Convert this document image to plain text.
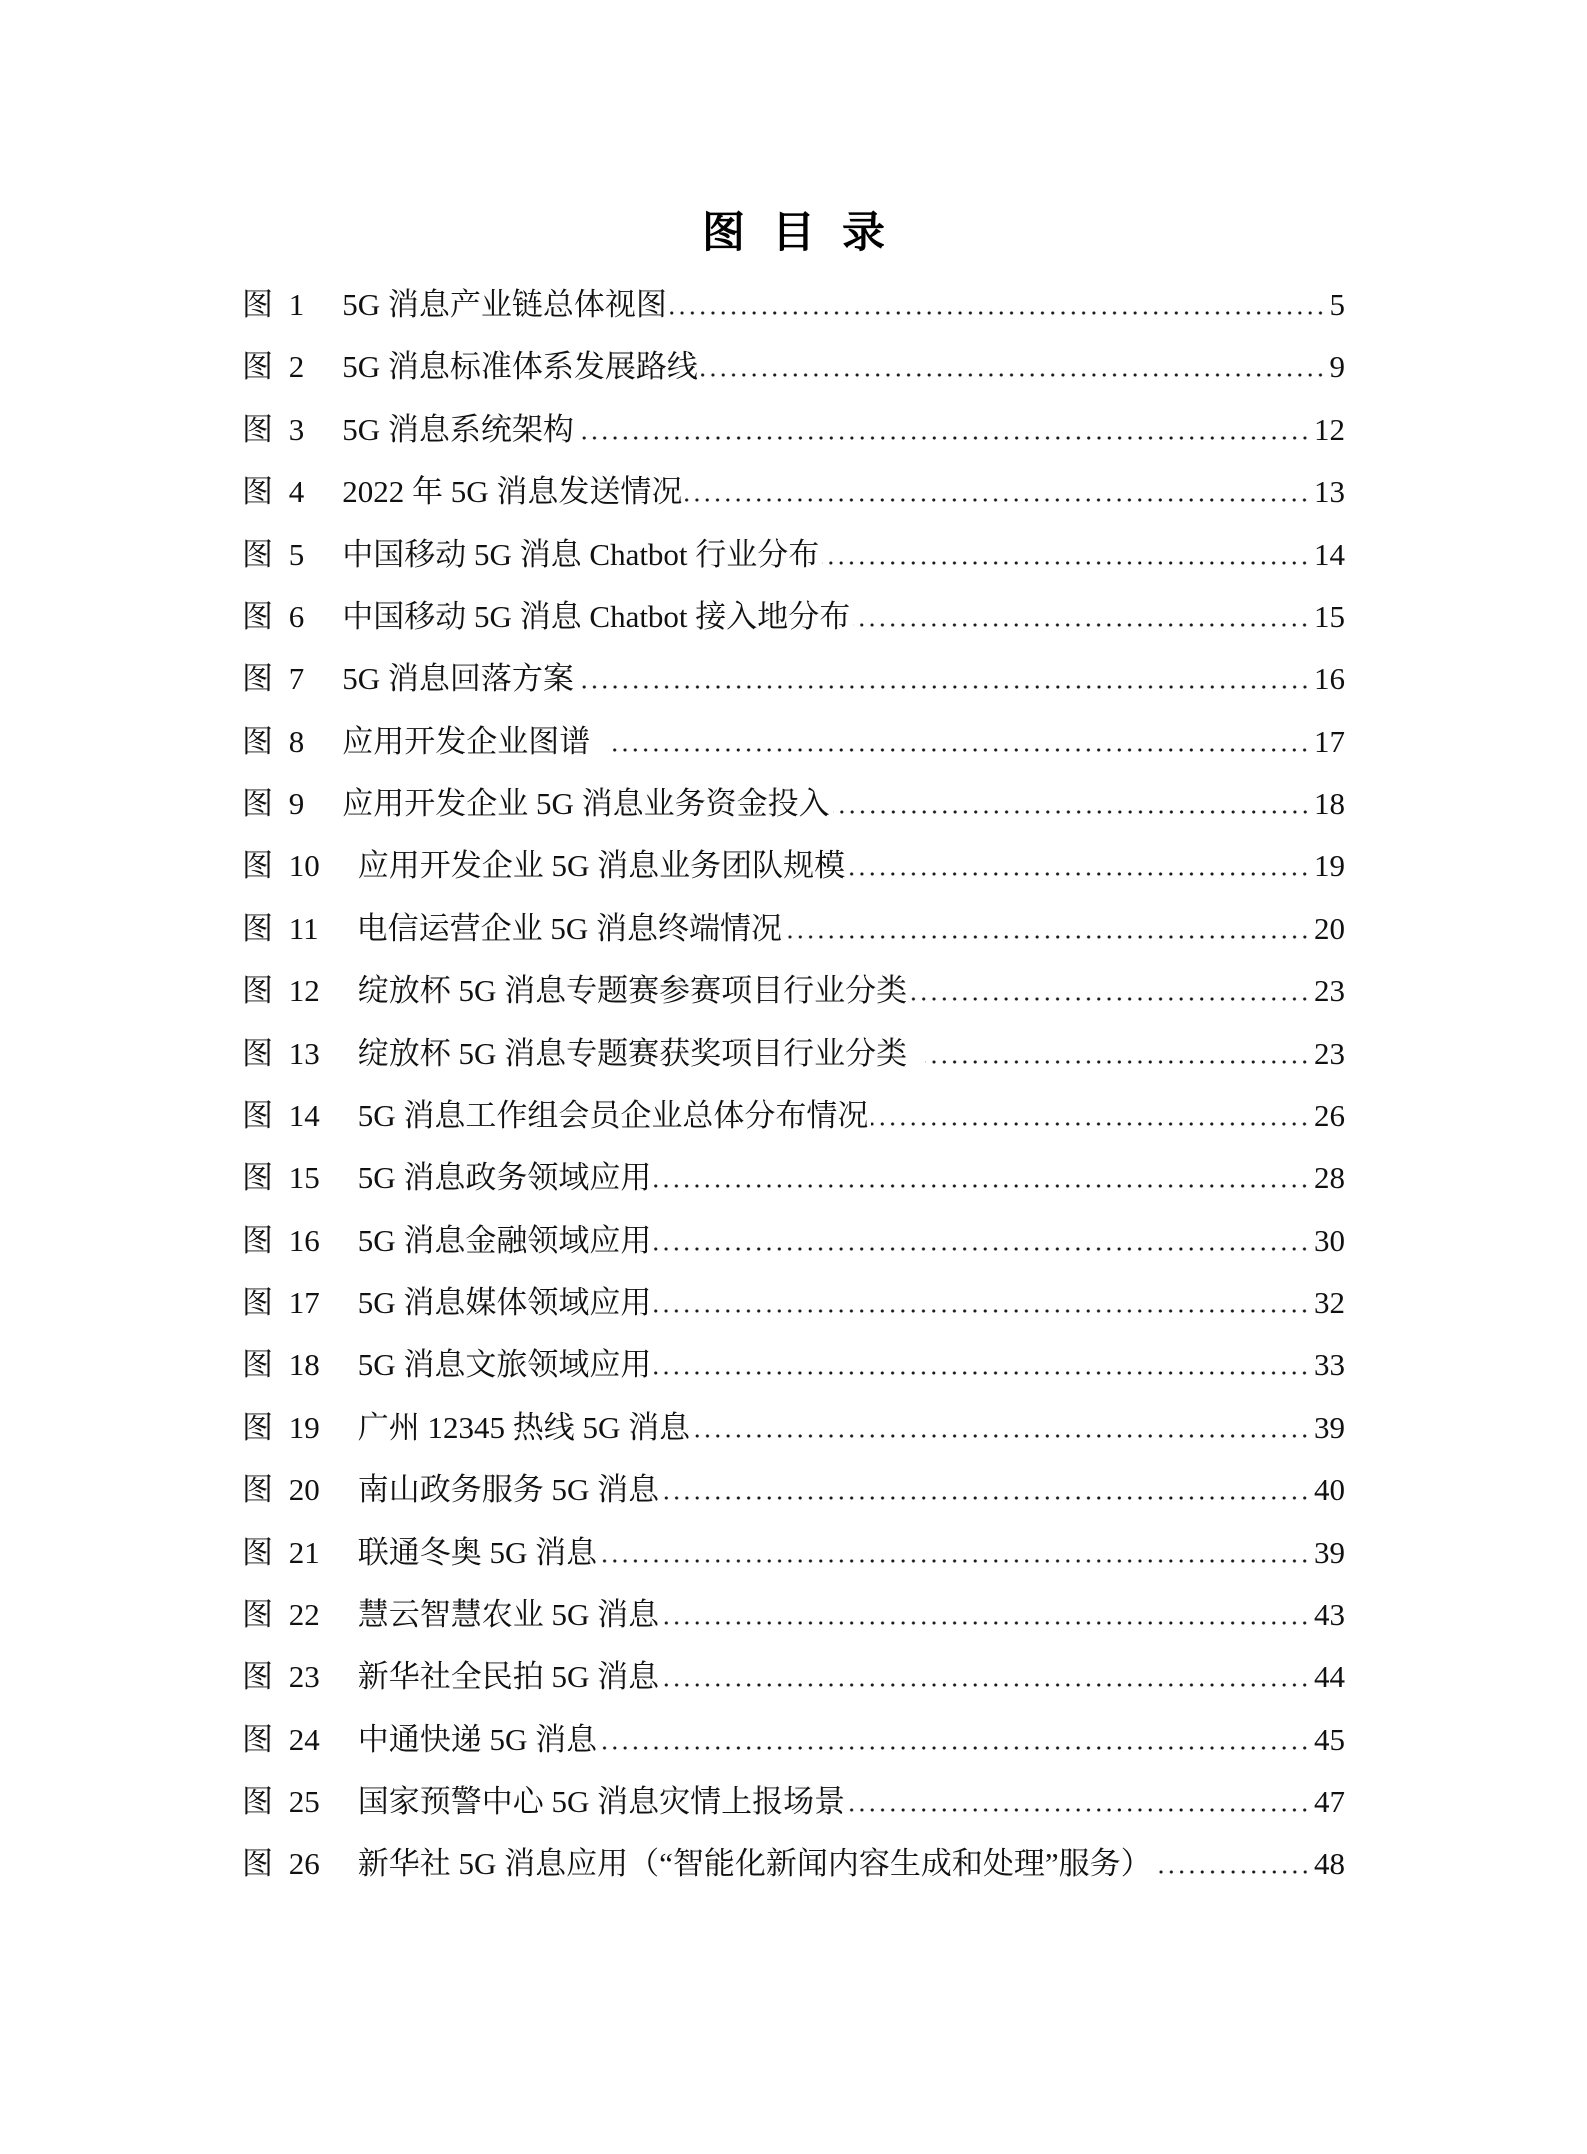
图 目 录
图 1 5G 消息产业链总体视图	5
图 2 5G 消息标准体系发展路线	9
图 3 5G 消息系统架构	12
图 4 2022 年 5G 消息发送情况	13
图 5 中国移动 5G 消息 Chatbot 行业分布	14
图 6 中国移动 5G 消息 Chatbot 接入地分布	15
图 7 5G 消息回落方案	16
图 8 应用开发企业图谱	17
图 9 应用开发企业 5G 消息业务资金投入	18
图 10 应用开发企业 5G 消息业务团队规模	19
图 11 电信运营企业 5G 消息终端情况	20
图 12 绽放杯 5G 消息专题赛参赛项目行业分类	23
图 13 绽放杯 5G 消息专题赛获奖项目行业分类	23
图 14 5G 消息工作组会员企业总体分布情况	26
图 15 5G 消息政务领域应用	28
图 16 5G 消息金融领域应用	30
图 17 5G 消息媒体领域应用	32
图 18 5G 消息文旅领域应用	33
图 19 广州 12345 热线 5G 消息	39
图 20 南山政务服务 5G 消息	40
图 21 联通冬奥 5G 消息	39
图 22 慧云智慧农业 5G 消息	43
图 23 新华社全民拍 5G 消息	44
图 24 中通快递 5G 消息	45
图 25 国家预警中心 5G 消息灾情上报场景	47
图 26 新华社 5G 消息应用（“智能化新闻内容生成和处理”服务）	48
